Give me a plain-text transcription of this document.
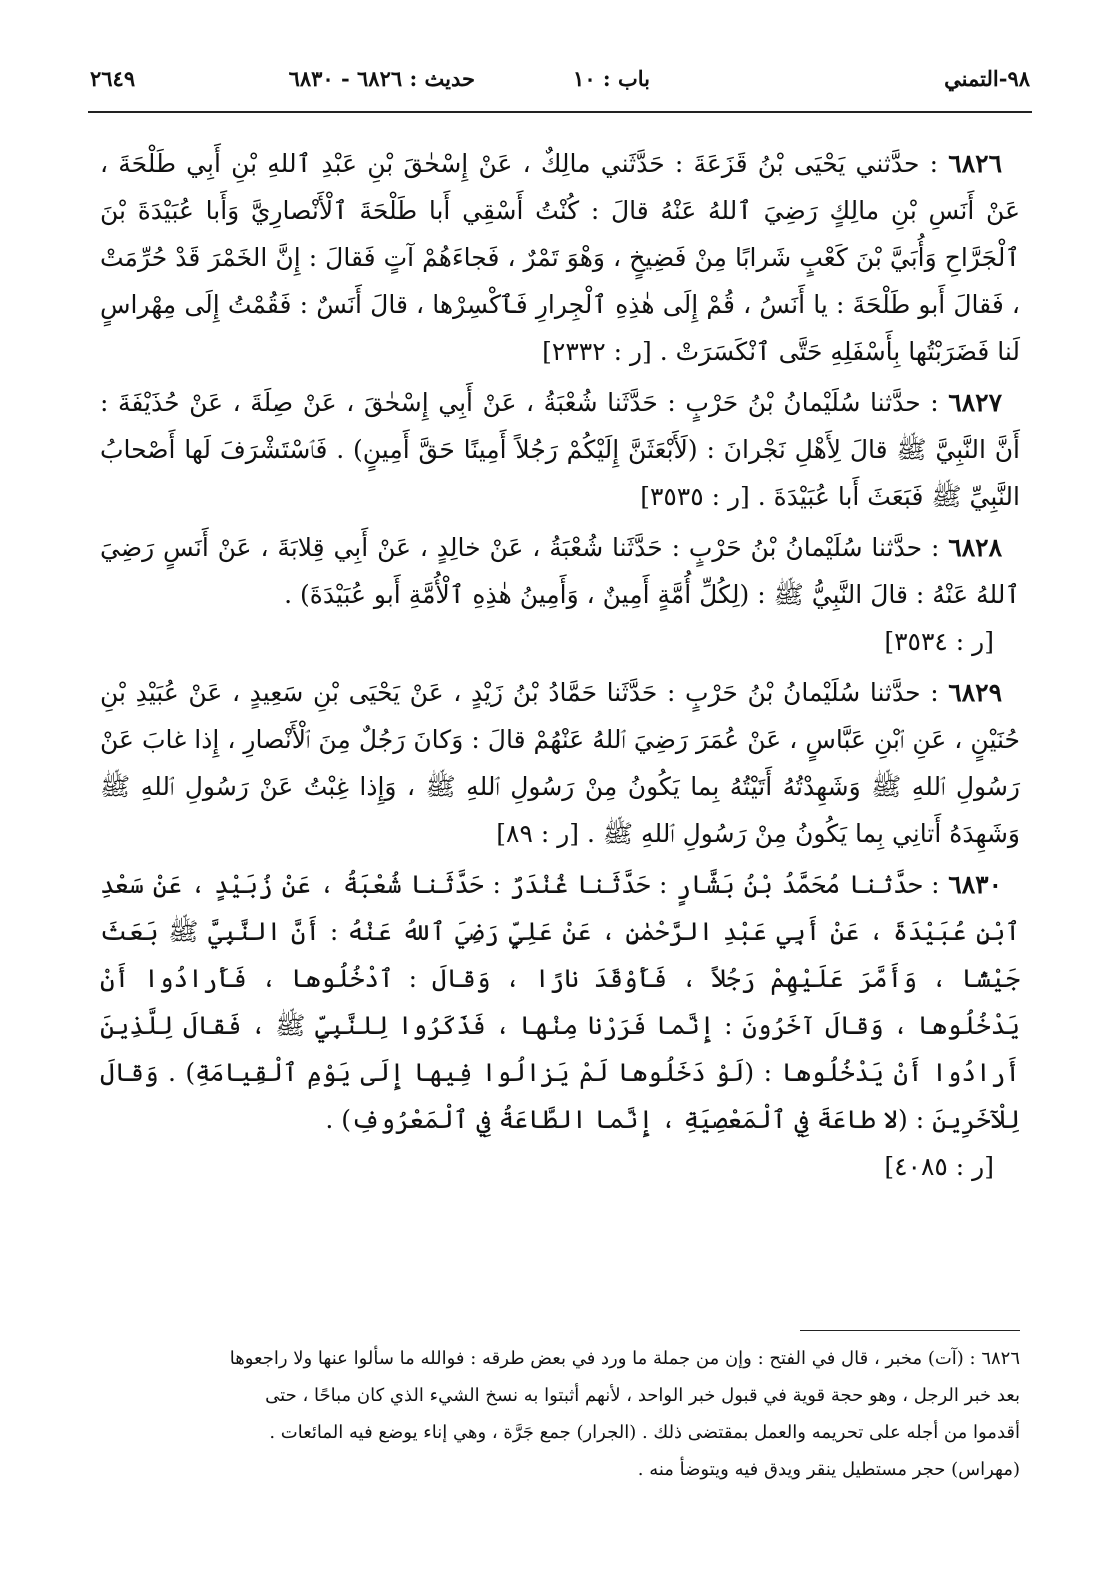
٩٨-التمني
باب : ١٠
حديث : ٦٨٢٦ - ٦٨٣٠
٢٦٤٩

٦٨٢٦ : حدَّثني يَحْيَى بْنُ قَزَعَةَ : حَدَّثَني مالِكٌ ، عَنْ إِسْحٰقَ بْنِ عَبْدِ ٱللهِ بْنِ أَبِي طَلْحَةَ ، عَنْ أَنَسِ بْنِ مالِكٍ رَضِيَ ٱللهُ عَنْهُ قالَ : كُنْتُ أَسْقِي أَبا طَلْحَةَ ٱلْأَنْصارِيَّ وَأَبا عُبَيْدَةَ بْنَ ٱلْجَرَّاحِ وَأُبَيَّ بْنَ كَعْبٍ شَرابًا مِنْ فَضِيخٍ ، وَهْوَ تَمْرٌ ، فَجاءَهُمْ آتٍ فَقالَ : إِنَّ الخَمْرَ قَدْ حُرِّمَتْ ، فَقالَ أَبو طَلْحَةَ : يا أَنَسُ ، قُمْ إِلَى هٰذِهِ ٱلْجِرارِ فَٱكْسِرْها ، قالَ أَنَسٌ : فَقُمْتُ إِلَى مِهْراسٍ لَنا فَضَرَبْتُها بِأَسْفَلِهِ حَتَّى ٱنْكَسَرَتْ . [ر : ٢٣٣٢]

٦٨٢٧ : حدَّثنا سُلَيْمانُ بْنُ حَرْبٍ : حَدَّثَنا شُعْبَةُ ، عَنْ أَبِي إِسْحٰقَ ، عَنْ صِلَةَ ، عَنْ حُذَيْفَةَ : أَنَّ النَّبِيَّ ﷺ قالَ لِأَهْلِ نَجْرانَ : (لَأَبْعَثَنَّ إِلَيْكُمْ رَجُلاً أَمِينًا حَقَّ أَمِينٍ) . فَٱسْتَشْرَفَ لَها أَصْحابُ النَّبِيِّ ﷺ فَبَعَثَ أَبا عُبَيْدَةَ . [ر : ٣٥٣٥]

٦٨٢٨ : حدَّثنا سُلَيْمانُ بْنُ حَرْبٍ : حَدَّثَنا شُعْبَةُ ، عَنْ خالِدٍ ، عَنْ أَبِي قِلابَةَ ، عَنْ أَنَسٍ رَضِيَ ٱللهُ عَنْهُ : قالَ النَّبِيُّ ﷺ : (لِكُلِّ أُمَّةٍ أَمِينٌ ، وَأَمِينُ هٰذِهِ ٱلْأُمَّةِ أَبو عُبَيْدَةَ) .
[ر : ٣٥٣٤]

٦٨٢٩ : حدَّثنا سُلَيْمانُ بْنُ حَرْبٍ : حَدَّثَنا حَمَّادُ بْنُ زَيْدٍ ، عَنْ يَحْيَى بْنِ سَعِيدٍ ، عَنْ عُبَيْدِ بْنِ حُنَيْنٍ ، عَنِ ٱبْنِ عَبَّاسٍ ، عَنْ عُمَرَ رَضِيَ ٱللهُ عَنْهُمْ قالَ : وَكانَ رَجُلٌ مِنَ ٱلْأَنْصارِ ، إِذا غابَ عَنْ رَسُولِ ٱللهِ ﷺ وَشَهِدْتُهُ أَتَيْتُهُ بِما يَكُونُ مِنْ رَسُولِ ٱللهِ ﷺ ، وَإِذا غِبْتُ عَنْ رَسُولِ ٱللهِ ﷺ وَشَهِدَهُ أَتانِي بِما يَكُونُ مِنْ رَسُولِ ٱللهِ ﷺ . [ر : ٨٩]

٦٨٣٠ : حدَّثنا مُحَمَّدُ بْنُ بَشَّارٍ : حَدَّثَنا غُنْدَرٌ : حَدَّثَنا شُعْبَةُ ، عَنْ زُبَيْدٍ ، عَنْ سَعْدِ ٱبْنِ عُبَيْدَةَ ، عَنْ أَبِي عَبْدِ الرَّحْمٰنِ ، عَنْ عَلِيٍّ رَضِيَ ٱللهُ عَنْهُ : أَنَّ النَّبِيَّ ﷺ بَعَثَ جَيْشًا ، وَأَمَّرَ عَلَيْهِمْ رَجُلاً ، فَأَوْقَدَ نارًا ، وَقالَ : ٱدْخُلُوها ، فَأَرادُوا أَنْ يَدْخُلُوها ، وَقالَ آخَرُونَ : إِنَّما فَرَرْنا مِنْها ، فَذَكَرُوا لِلنَّبِيِّ ﷺ ، فَقالَ لِلَّذِينَ أَرادُوا أَنْ يَدْخُلُوها : (لَوْ دَخَلُوها لَمْ يَزالُوا فِيها إِلَى يَوْمِ ٱلْقِيامَةِ) . وَقالَ لِلْآخَرِينَ : (لا طاعَةَ فِي ٱلْمَعْصِيَةِ ، إِنَّما الطَّاعَةُ فِي ٱلْمَعْرُوفِ) .
[ر : ٤٠٨٥]

٦٨٢٦ : (آت) مخبر ، قال في الفتح : وإن من جملة ما ورد في بعض طرقه : فوالله ما سألوا عنها ولا راجعوها
بعد خبر الرجل ، وهو حجة قوية في قبول خبر الواحد ، لأنهم أثبتوا به نسخ الشيء الذي كان مباحًا ، حتى
أقدموا من أجله على تحريمه والعمل بمقتضى ذلك . (الجرار) جمع جَرَّة ، وهي إناء يوضع فيه المائعات .
(مهراس) حجر مستطيل ينقر ويدق فيه ويتوضأ منه .
